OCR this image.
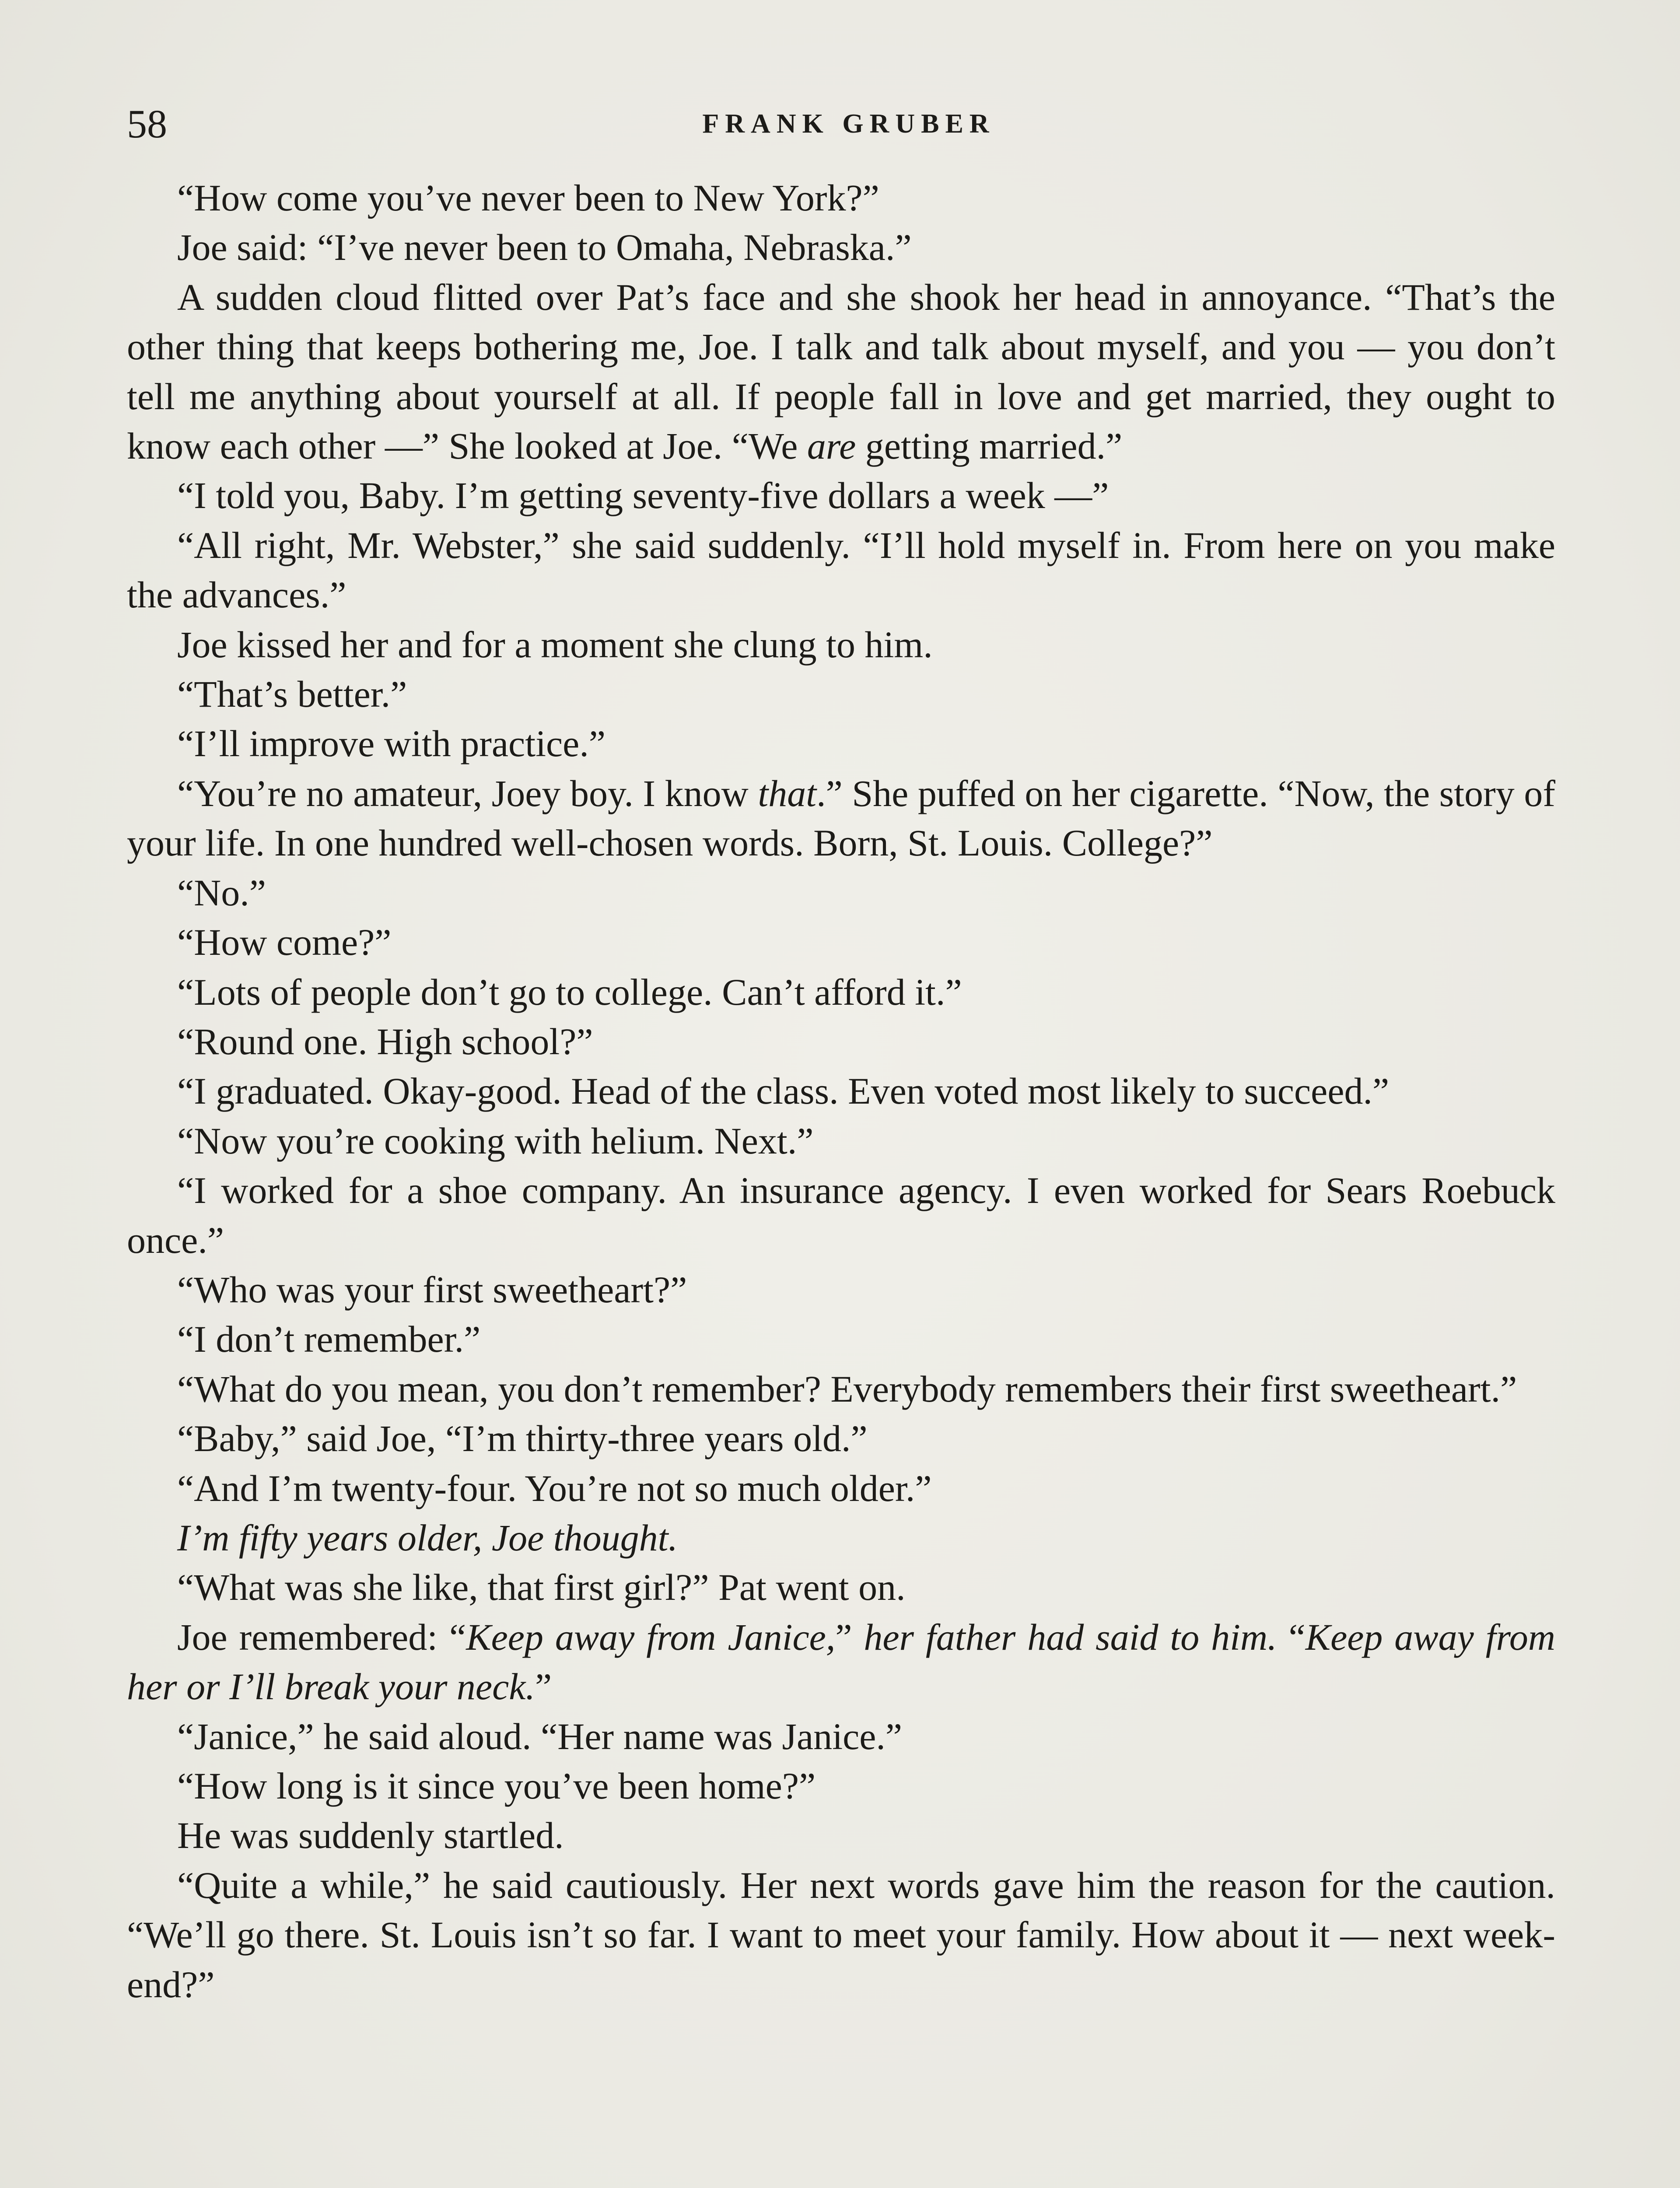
58	FRANK GRUBER

“How come you’ve never been to New York?”

Joe said: “I’ve never been to Omaha, Nebraska.”

A sudden cloud flitted over Pat’s face and she shook her head in annoyance. “That’s the other thing that keeps bothering me, Joe. I talk and talk about myself, and you — you don’t tell me anything about yourself at all. If people fall in love and get married, they ought to know each other —” She looked at Joe. “We are getting married.”

“I told you, Baby. I’m getting seventy-five dollars a week —”

“All right, Mr. Webster,” she said suddenly. “I’ll hold myself in. From here on you make the advances.”

Joe kissed her and for a moment she clung to him.

“That’s better.”

“I’ll improve with practice.”

“You’re no amateur, Joey boy. I know that.” She puffed on her cigarette. “Now, the story of your life. In one hundred well-chosen words. Born, St. Louis. College?”

“No.”

“How come?”

“Lots of people don’t go to college. Can’t afford it.”

“Round one. High school?”

“I graduated. Okay-good. Head of the class. Even voted most likely to succeed.”

“Now you’re cooking with helium. Next.”

“I worked for a shoe company. An insurance agency. I even worked for Sears Roebuck once.”

“Who was your first sweetheart?”

“I don’t remember.”

“What do you mean, you don’t remember? Everybody remembers their first sweetheart.”

“Baby,” said Joe, “I’m thirty-three years old.”

“And I’m twenty-four. You’re not so much older.”

I’m fifty years older, Joe thought.

“What was she like, that first girl?” Pat went on.

Joe remembered: “Keep away from Janice,” her father had said to him. “Keep away from her or I’ll break your neck.”

“Janice,” he said aloud. “Her name was Janice.”

“How long is it since you’ve been home?”

He was suddenly startled.

“Quite a while,” he said cautiously. Her next words gave him the reason for the caution. “We’ll go there. St. Louis isn’t so far. I want to meet your family. How about it — next week-end?”
